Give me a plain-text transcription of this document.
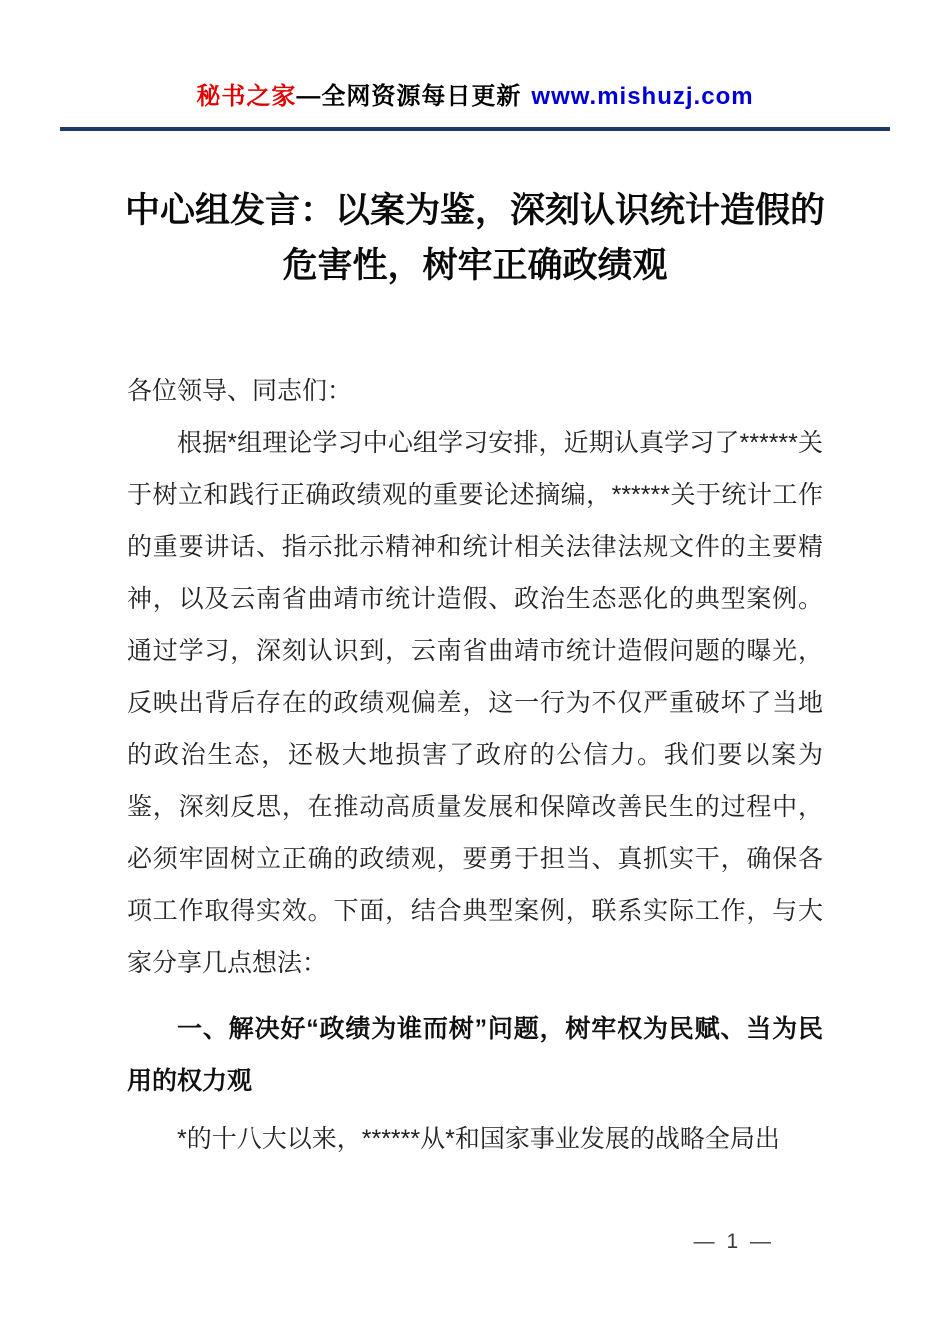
秘书之家—全网资源每日更新 www.mishuzj.com
中心组发言：以案为鉴，深刻认识统计造假的危害性，树牢正确政绩观

各位领导、同志们：

根据*组理论学习中心组学习安排，近期认真学习了******关于树立和践行正确政绩观的重要论述摘编，******关于统计工作的重要讲话、指示批示精神和统计相关法律法规文件的主要精神，以及云南省曲靖市统计造假、政治生态恶化的典型案例。通过学习，深刻认识到，云南省曲靖市统计造假问题的曝光，反映出背后存在的政绩观偏差，这一行为不仅严重破坏了当地的政治生态，还极大地损害了政府的公信力。我们要以案为鉴，深刻反思，在推动高质量发展和保障改善民生的过程中，必须牢固树立正确的政绩观，要勇于担当、真抓实干，确保各项工作取得实效。下面，结合典型案例，联系实际工作，与大家分享几点想法：

一、解决好“政绩为谁而树”问题，树牢权为民赋、当为民用的权力观

*的十八大以来，******从*和国家事业发展的战略全局出

— 1 —
